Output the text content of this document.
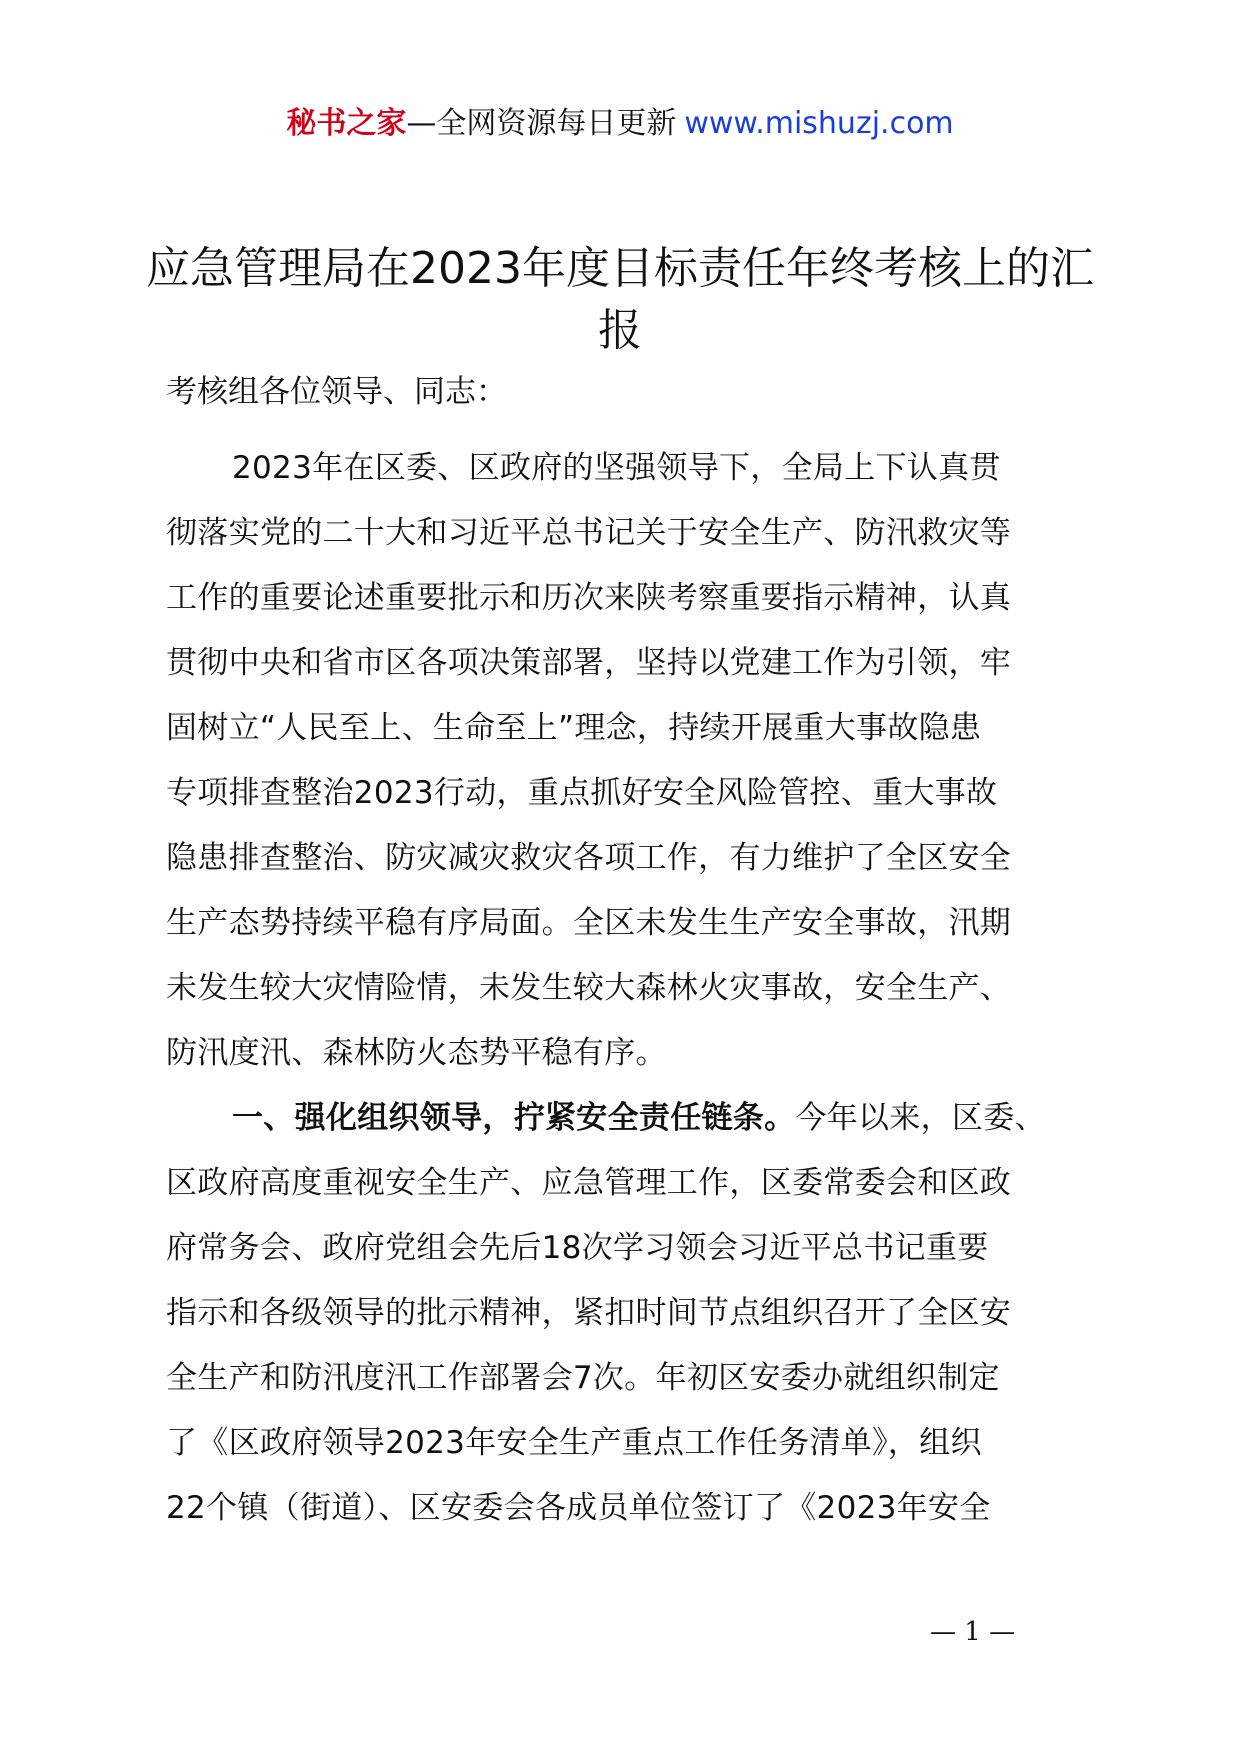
秘书之家—全网资源每日更新 www.mishuzj.com
应急管理局在2023年度目标责任年终考核上的汇报
考核组各位领导、同志：
2023年在区委、区政府的坚强领导下，全局上下认真贯
彻落实党的二十大和习近平总书记关于安全生产、防汛救灾等
工作的重要论述重要批示和历次来陕考察重要指示精神，认真
贯彻中央和省市区各项决策部署，坚持以党建工作为引领，牢
固树立“人民至上、生命至上”理念，持续开展重大事故隐患
专项排查整治2023行动，重点抓好安全风险管控、重大事故
隐患排查整治、防灾减灾救灾各项工作，有力维护了全区安全
生产态势持续平稳有序局面。全区未发生生产安全事故，汛期
未发生较大灾情险情，未发生较大森林火灾事故，安全生产、
防汛度汛、森林防火态势平稳有序。
一、强化组织领导，拧紧安全责任链条。今年以来，区委、
区政府高度重视安全生产、应急管理工作，区委常委会和区政
府常务会、政府党组会先后18次学习领会习近平总书记重要
指示和各级领导的批示精神，紧扣时间节点组织召开了全区安
全生产和防汛度汛工作部署会7次。年初区安委办就组织制定
了《区政府领导2023年安全生产重点工作任务清单》，组织
22个镇（街道）、区安委会各成员单位签订了《2023年安全
— 1 —
